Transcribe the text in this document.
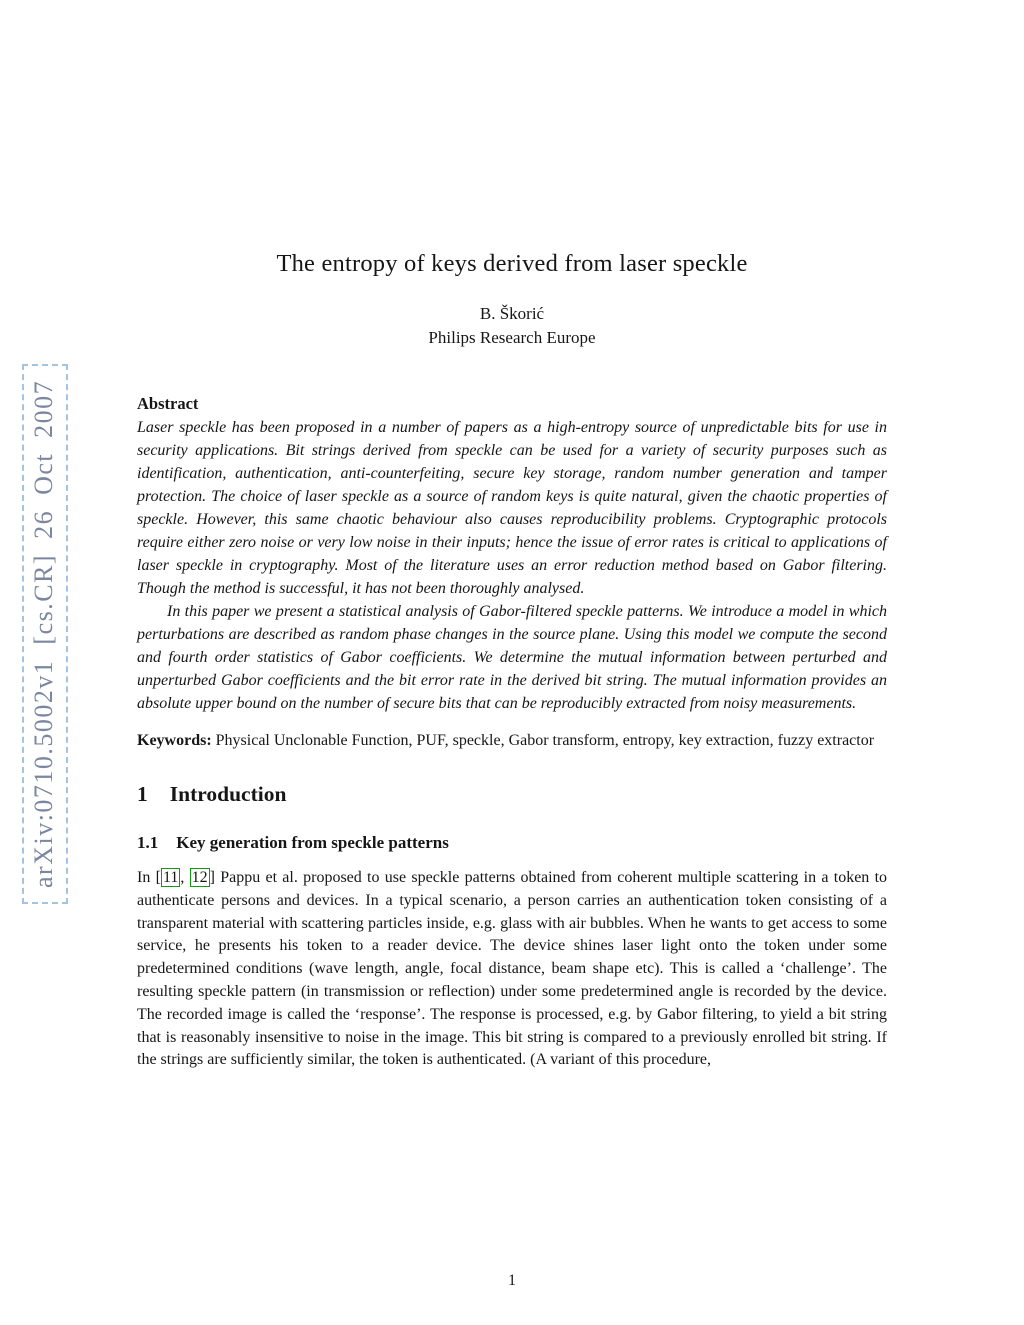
arXiv:0710.5002v1 [cs.CR] 26 Oct 2007
The entropy of keys derived from laser speckle
B. Škorić
Philips Research Europe
Abstract

Laser speckle has been proposed in a number of papers as a high-entropy source of unpredictable bits for use in security applications. Bit strings derived from speckle can be used for a variety of security purposes such as identification, authentication, anti-counterfeiting, secure key storage, random number generation and tamper protection. The choice of laser speckle as a source of random keys is quite natural, given the chaotic properties of speckle. However, this same chaotic behaviour also causes reproducibility problems. Cryptographic protocols require either zero noise or very low noise in their inputs; hence the issue of error rates is critical to applications of laser speckle in cryptography. Most of the literature uses an error reduction method based on Gabor filtering. Though the method is successful, it has not been thoroughly analysed.

In this paper we present a statistical analysis of Gabor-filtered speckle patterns. We introduce a model in which perturbations are described as random phase changes in the source plane. Using this model we compute the second and fourth order statistics of Gabor coefficients. We determine the mutual information between perturbed and unperturbed Gabor coefficients and the bit error rate in the derived bit string. The mutual information provides an absolute upper bound on the number of secure bits that can be reproducibly extracted from noisy measurements.

Keywords: Physical Unclonable Function, PUF, speckle, Gabor transform, entropy, key extraction, fuzzy extractor

1 Introduction
1.1 Key generation from speckle patterns

In [ 11 , 12 ] Pappu et al. proposed to use speckle patterns obtained from coherent multiple scattering in a token to authenticate persons and devices. In a typical scenario, a person carries an authentication token consisting of a transparent material with scattering particles inside, e.g. glass with air bubbles. When he wants to get access to some service, he presents his token to a reader device. The device shines laser light onto the token under some predetermined conditions (wave length, angle, focal distance, beam shape etc). This is called a ‘challenge’. The resulting speckle pattern (in transmission or reflection) under some predetermined angle is recorded by the device. The recorded image is called the ‘response’. The response is processed, e.g. by Gabor filtering, to yield a bit string that is reasonably insensitive to noise in the image. This bit string is compared to a previously enrolled bit string. If the strings are sufficiently similar, the token is authenticated. (A variant of this procedure,

1
